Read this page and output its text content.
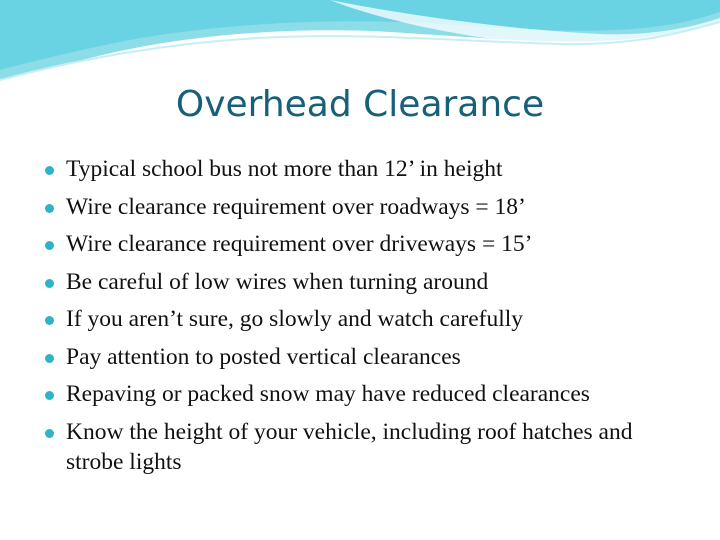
Overhead Clearance
Typical school bus not more than 12’ in height
Wire clearance requirement over roadways = 18’
Wire clearance requirement over driveways = 15’
Be careful of low wires when turning around
If you aren’t sure, go slowly and watch carefully
Pay attention to posted vertical clearances
Repaving or packed snow may have reduced clearances
Know the height of your vehicle, including roof hatches and strobe lights
